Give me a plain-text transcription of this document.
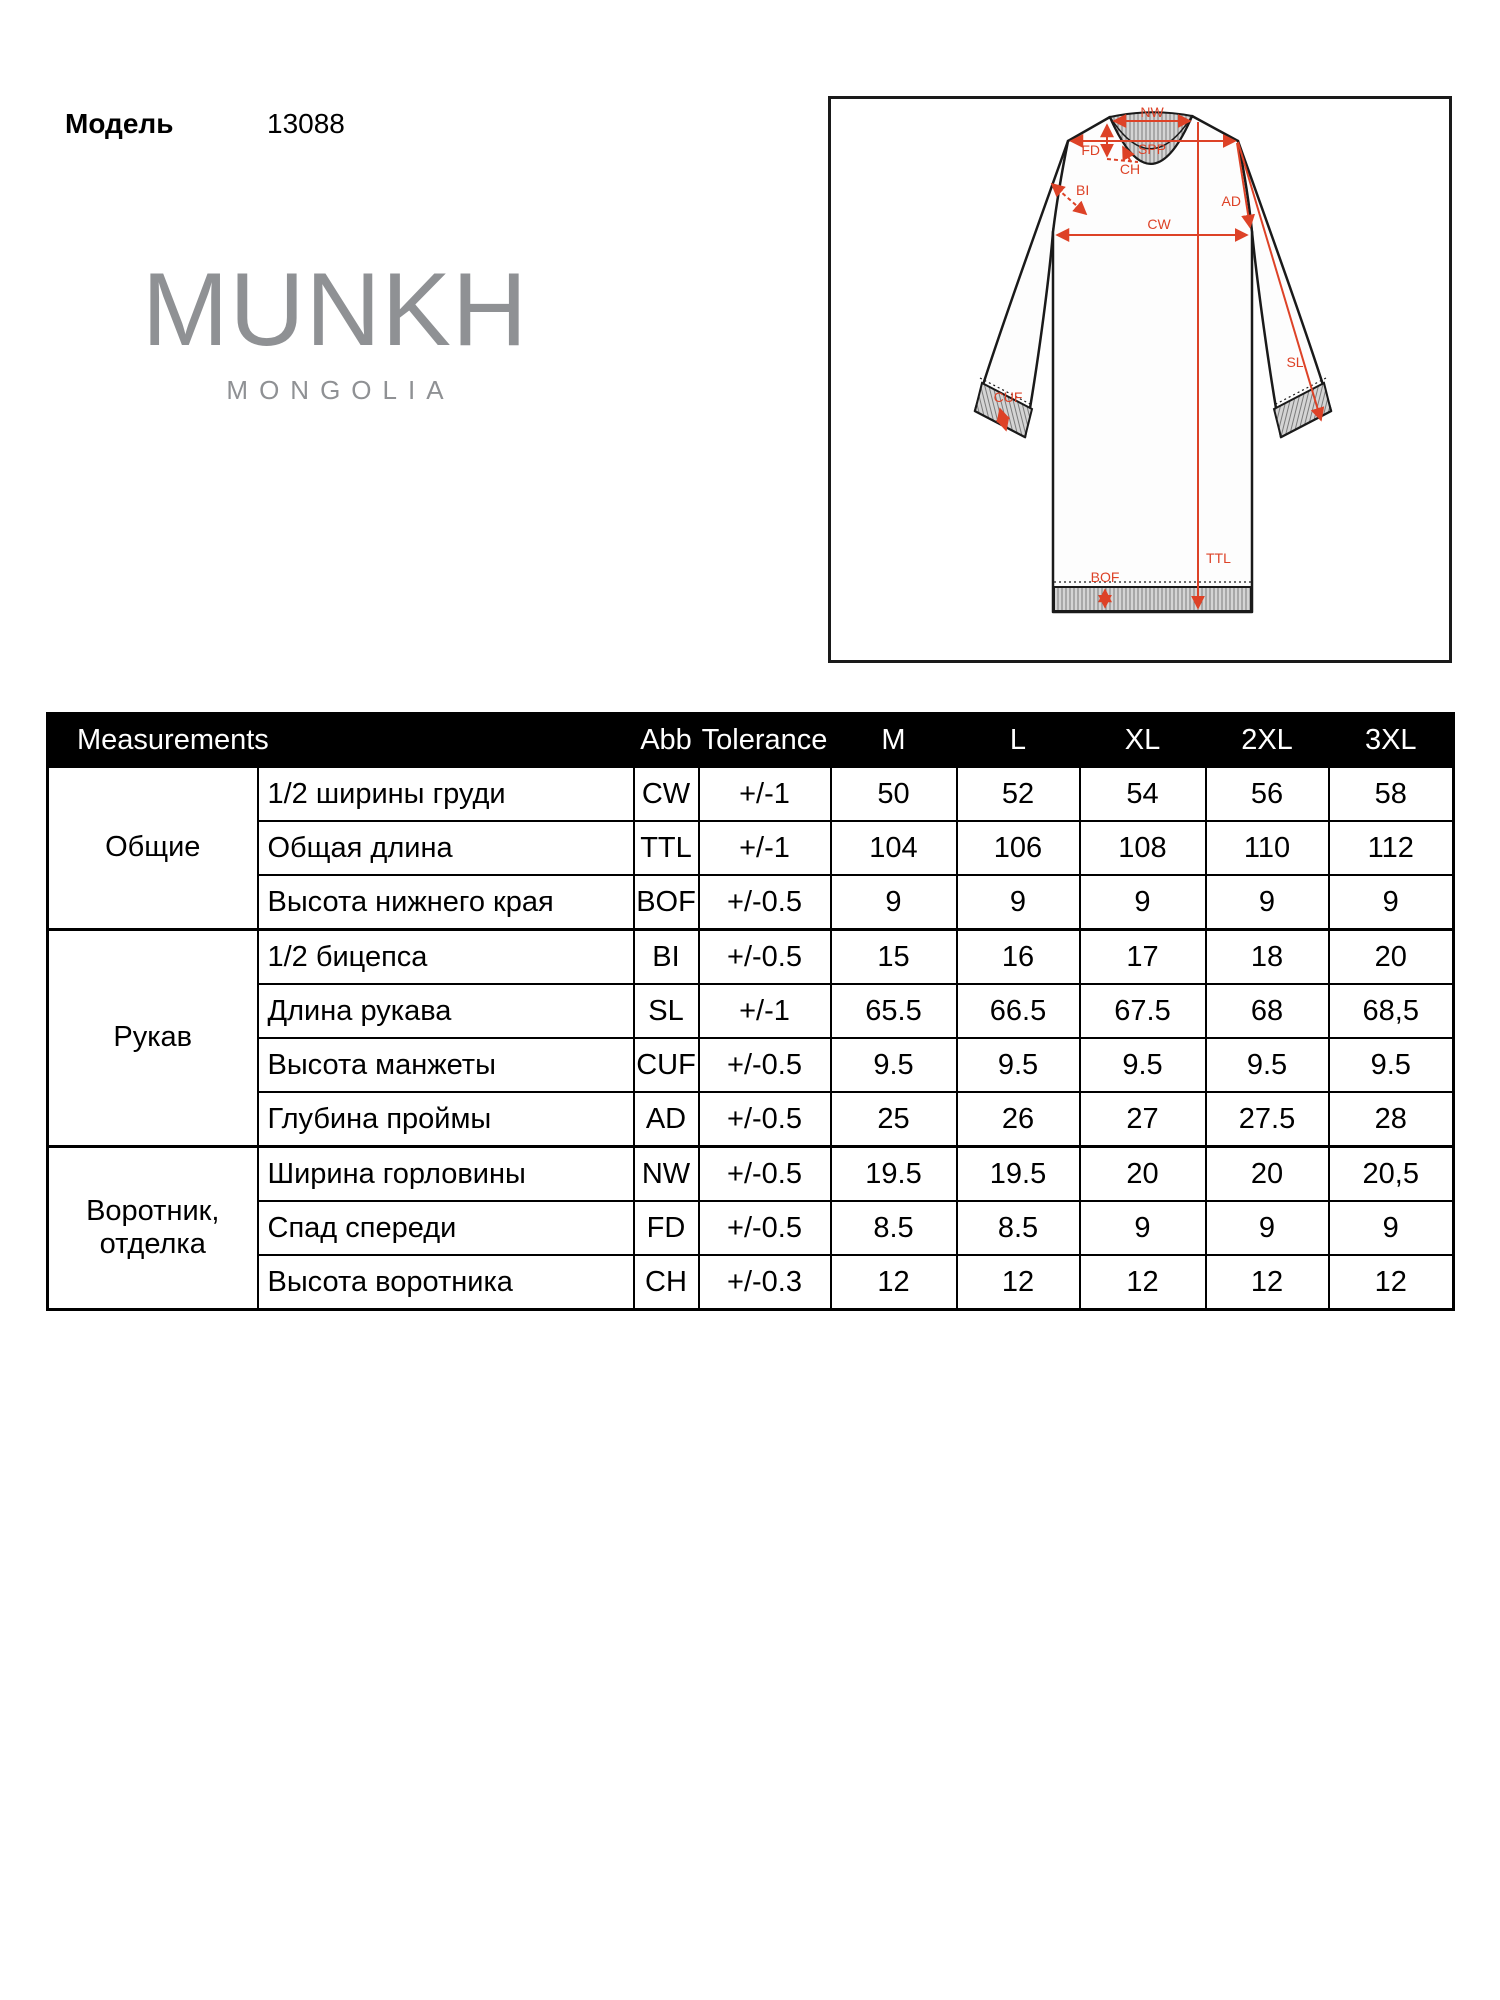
Модель	13088
MUNKH
MONGOLIA
NW
SPP
FD
CH
BI
CW
AD
SL
CUF
TTL
BOF
Measurements		Abb	Tolerance	M	L	XL	2XL	3XL
Общие	1/2 ширины груди	CW	+/-1	50	52	54	56	58
	Общая длина	TTL	+/-1	104	106	108	110	112
	Высота нижнего края	BOF	+/-0.5	9	9	9	9	9
Рукав	1/2 бицепса	BI	+/-0.5	15	16	17	18	20
	Длина рукава	SL	+/-1	65.5	66.5	67.5	68	68,5
	Высота манжеты	CUF	+/-0.5	9.5	9.5	9.5	9.5	9.5
	Глубина проймы	AD	+/-0.5	25	26	27	27.5	28
Воротник, отделка	Ширина горловины	NW	+/-0.5	19.5	19.5	20	20	20,5
	Спад спереди	FD	+/-0.5	8.5	8.5	9	9	9
	Высота воротника	CH	+/-0.3	12	12	12	12	12
